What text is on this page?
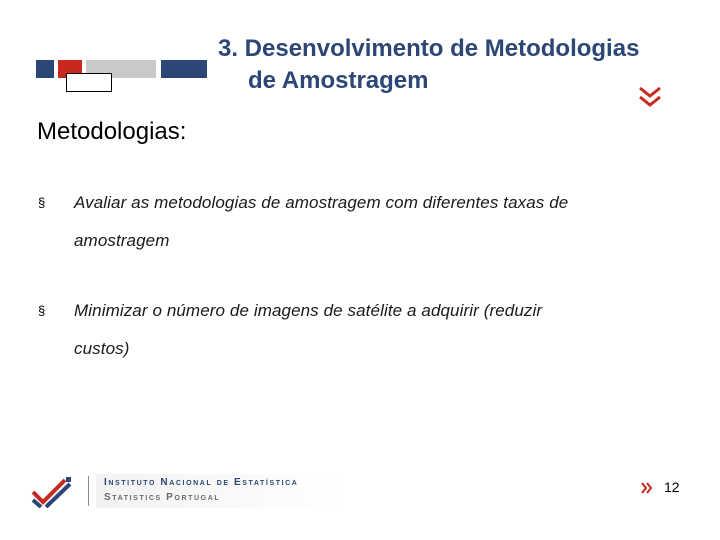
3. Desenvolvimento de Metodologias
de Amostragem
Metodologias:
§ Avaliar as metodologias de amostragem com diferentes taxas de
amostragem
§ Minimizar o número de imagens de satélite a adquirir (reduzir
custos)
Instituto Nacional de Estatística
Statistics Portugal
12
